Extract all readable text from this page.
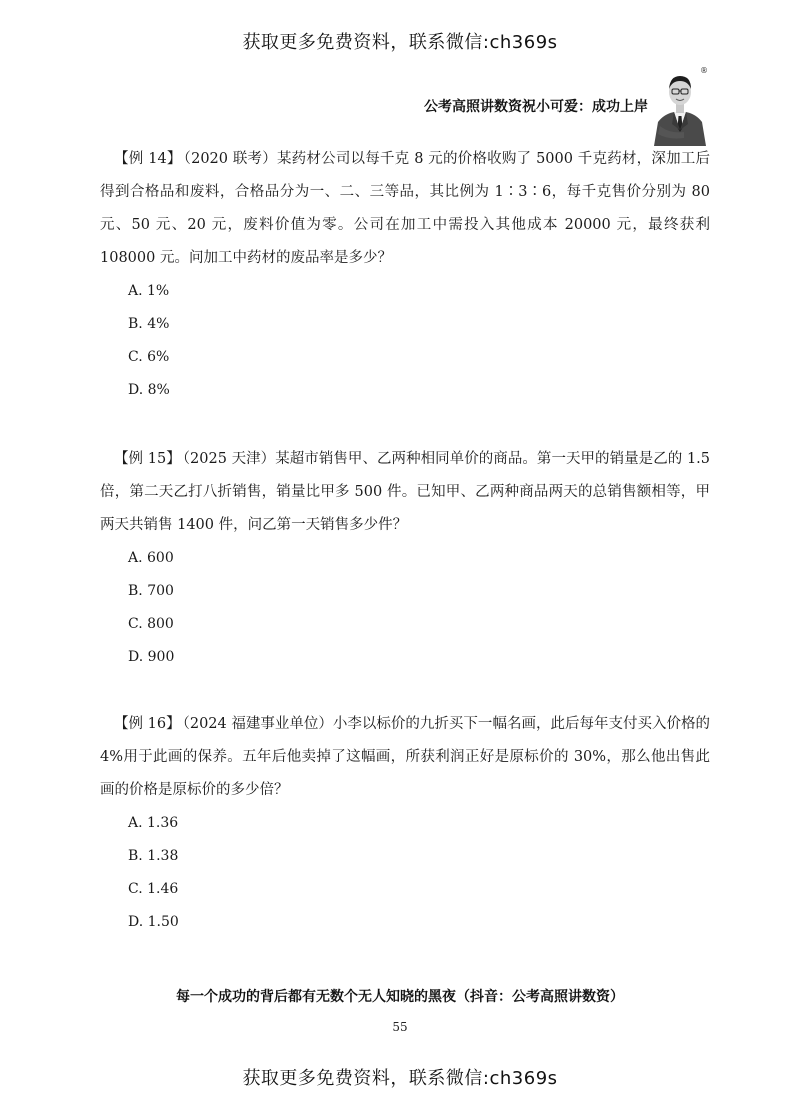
获取更多免费资料，联系微信:ch369s
公考高照讲数资祝小可爱：成功上岸
®

【例 14】 （2020 联考）某药材公司以每千克 8 元的价格收购了 5000 千克药材，深加工后得到合格品和废料，合格品分为一、二、三等品，其比例为 1∶3∶6，每千克售价分别为 80 元、50 元、20 元，废料价值为零。公司在加工中需投入其他成本 20000 元，最终获利 108000 元。问加工中药材的废品率是多少？

A. 1%
B. 4%
C. 6%
D. 8%

【例 15】 （2025 天津）某超市销售甲、乙两种相同单价的商品。第一天甲的销量是乙的 1.5 倍，第二天乙打八折销售，销量比甲多 500 件。已知甲、乙两种商品两天的总销售额相等，甲两天共销售 1400 件，问乙第一天销售多少件？

A. 600
B. 700
C. 800
D. 900

【例 16】 （2024 福建事业单位）小李以标价的九折买下一幅名画，此后每年支付买入价格的 4%用于此画的保养。五年后他卖掉了这幅画，所获利润正好是原标价的 30%，那么他出售此画的价格是原标价的多少倍？

A. 1.36
B. 1.38
C. 1.46
D. 1.50
每一个成功的背后都有无数个无人知晓的黑夜（抖音：公考高照讲数资）
55
获取更多免费资料，联系微信:ch369s
